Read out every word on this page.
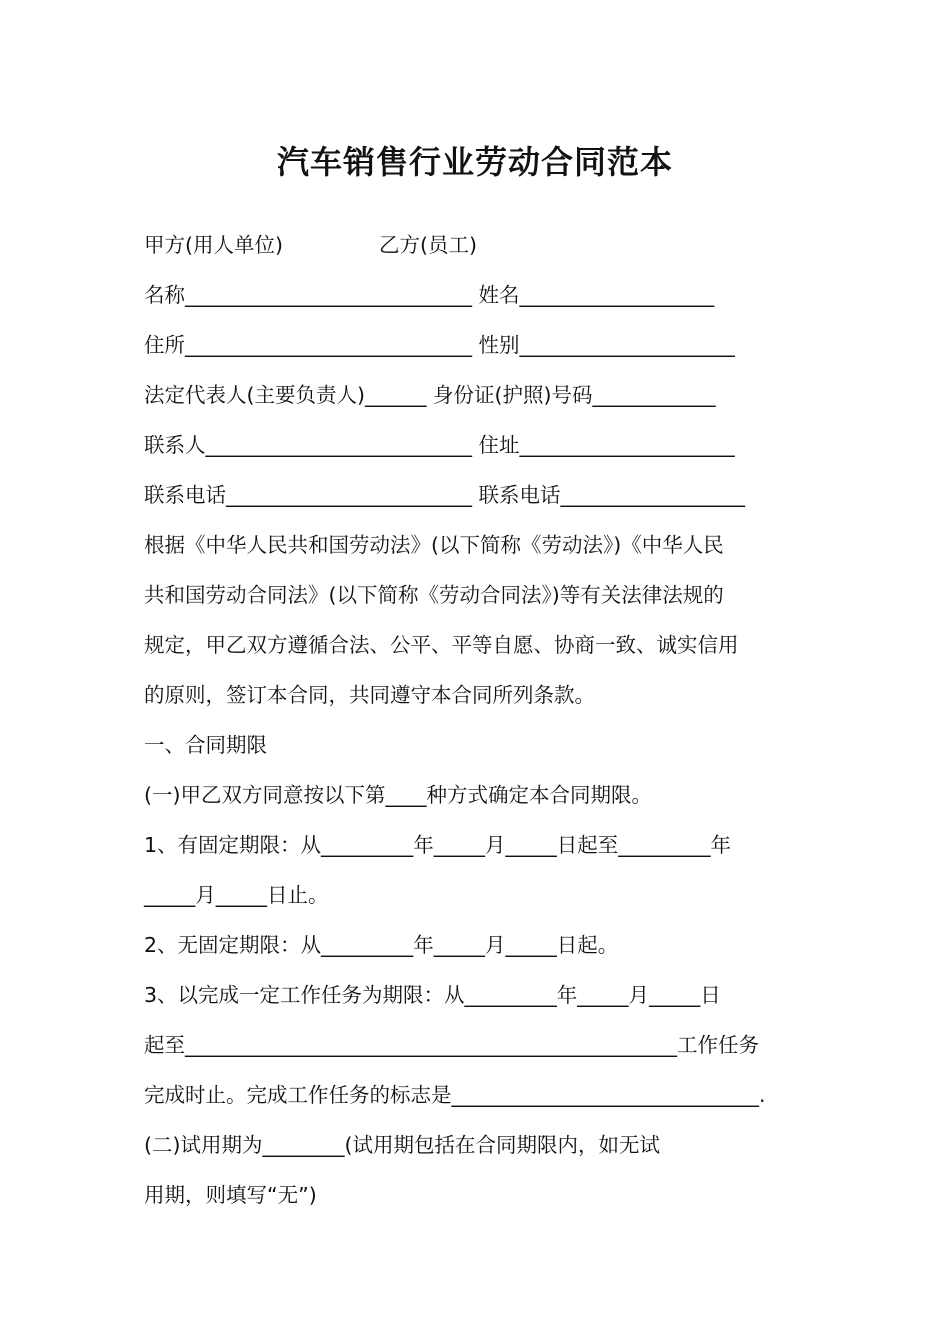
汽车销售行业劳动合同范本

甲方(用人单位)	乙方(员工)

名称____________________________ 姓名___________________

住所____________________________ 性别_____________________

法定代表人(主要负责人)______ 身份证(护照)号码____________

联系人__________________________ 住址_____________________

联系电话________________________ 联系电话__________________

根据《中华人民共和国劳动法》(以下简称《劳动法》)《中华人民

共和国劳动合同法》(以下简称《劳动合同法》)等有关法律法规的

规定，甲乙双方遵循合法、公平、平等自愿、协商一致、诚实信用

的原则，签订本合同，共同遵守本合同所列条款。

一、合同期限

(一)甲乙双方同意按以下第____种方式确定本合同期限。

1、有固定期限：从_________年_____月_____日起至_________年

_____月_____日止。

2、无固定期限：从_________年_____月_____日起。

3、以完成一定工作任务为期限：从_________年_____月_____日

起至________________________________________________工作任务

完成时止。完成工作任务的标志是______________________________.

(二)试用期为________(试用期包括在合同期限内，如无试

用期，则填写“无”)
